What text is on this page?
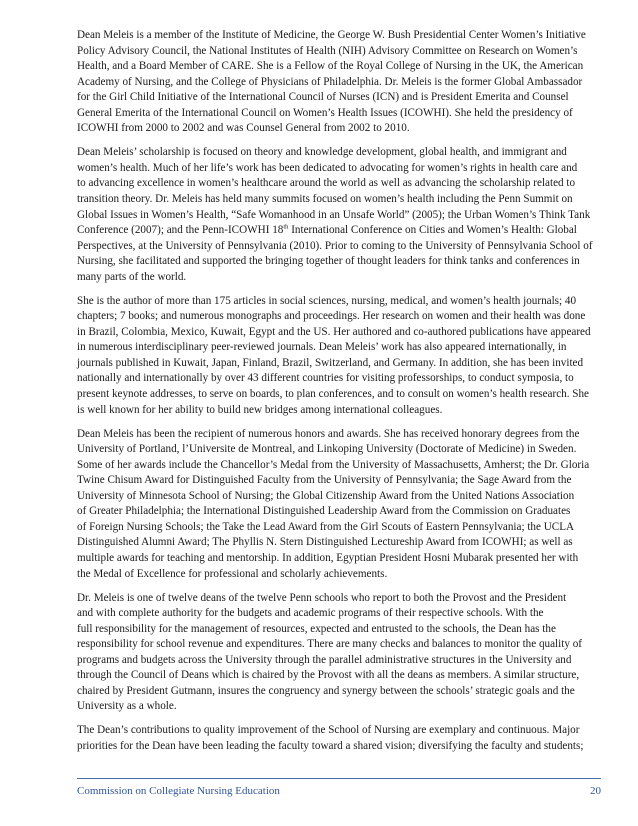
Dean Meleis is a member of the Institute of Medicine, the George W. Bush Presidential Center Women’s Initiative
Policy Advisory Council, the National Institutes of Health (NIH) Advisory Committee on Research on Women’s
Health, and a Board Member of CARE. She is a Fellow of the Royal College of Nursing in the UK, the American
Academy of Nursing, and the College of Physicians of Philadelphia. Dr. Meleis is the former Global Ambassador
for the Girl Child Initiative of the International Council of Nurses (ICN) and is President Emerita and Counsel
General Emerita of the International Council on Women’s Health Issues (ICOWHI). She held the presidency of
ICOWHI from 2000 to 2002 and was Counsel General from 2002 to 2010.

Dean Meleis’ scholarship is focused on theory and knowledge development, global health, and immigrant and
women’s health. Much of her life’s work has been dedicated to advocating for women’s rights in health care and
to advancing excellence in women’s healthcare around the world as well as advancing the scholarship related to
transition theory. Dr. Meleis has held many summits focused on women’s health including the Penn Summit on
Global Issues in Women’s Health, “Safe Womanhood in an Unsafe World” (2005); the Urban Women’s Think Tank
Conference (2007); and the Penn-ICOWHI 18th International Conference on Cities and Women’s Health: Global
Perspectives, at the University of Pennsylvania (2010). Prior to coming to the University of Pennsylvania School of
Nursing, she facilitated and supported the bringing together of thought leaders for think tanks and conferences in
many parts of the world.

She is the author of more than 175 articles in social sciences, nursing, medical, and women’s health journals; 40
chapters; 7 books; and numerous monographs and proceedings. Her research on women and their health was done
in Brazil, Colombia, Mexico, Kuwait, Egypt and the US. Her authored and co-authored publications have appeared
in numerous interdisciplinary peer-reviewed journals. Dean Meleis’ work has also appeared internationally, in
journals published in Kuwait, Japan, Finland, Brazil, Switzerland, and Germany. In addition, she has been invited
nationally and internationally by over 43 different countries for visiting professorships, to conduct symposia, to
present keynote addresses, to serve on boards, to plan conferences, and to consult on women’s health research. She
is well known for her ability to build new bridges among international colleagues.

Dean Meleis has been the recipient of numerous honors and awards. She has received honorary degrees from the
University of Portland, l’Universite de Montreal, and Linkoping University (Doctorate of Medicine) in Sweden.
Some of her awards include the Chancellor’s Medal from the University of Massachusetts, Amherst; the Dr. Gloria
Twine Chisum Award for Distinguished Faculty from the University of Pennsylvania; the Sage Award from the
University of Minnesota School of Nursing; the Global Citizenship Award from the United Nations Association
of Greater Philadelphia; the International Distinguished Leadership Award from the Commission on Graduates
of Foreign Nursing Schools; the Take the Lead Award from the Girl Scouts of Eastern Pennsylvania; the UCLA
Distinguished Alumni Award; The Phyllis N. Stern Distinguished Lectureship Award from ICOWHI; as well as
multiple awards for teaching and mentorship. In addition, Egyptian President Hosni Mubarak presented her with
the Medal of Excellence for professional and scholarly achievements.

Dr. Meleis is one of twelve deans of the twelve Penn schools who report to both the Provost and the President
and with complete authority for the budgets and academic programs of their respective schools. With the
full responsibility for the management of resources, expected and entrusted to the schools, the Dean has the
responsibility for school revenue and expenditures. There are many checks and balances to monitor the quality of
programs and budgets across the University through the parallel administrative structures in the University and
through the Council of Deans which is chaired by the Provost with all the deans as members. A similar structure,
chaired by President Gutmann, insures the congruency and synergy between the schools’ strategic goals and the
University as a whole.

The Dean’s contributions to quality improvement of the School of Nursing are exemplary and continuous. Major
priorities for the Dean have been leading the faculty toward a shared vision; diversifying the faculty and students;

Commission on Collegiate Nursing Education	20
